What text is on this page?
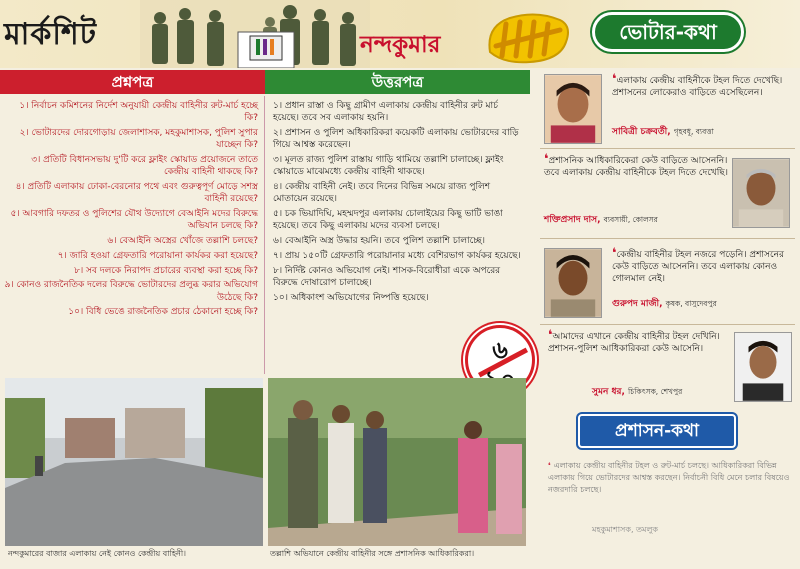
মার্কশিট	নন্দকুমার	ভোটার-কথা
প্রশ্নপত্র	উত্তরপত্র
১। নির্বাচন কমিশনের নির্দেশ অনুযায়ী কেন্দ্রীয় বাহিনীর রুট-মার্চ হচ্ছে কি?
২। ভোটারদের দোরগোড়ায় জেলাশাসক, মহকুমাশাসক, পুলিশ সুপার যাচ্ছেন কি?
৩। প্রতিটি বিধানসভায় দু'টি করে ফ্লাইং স্কোয়াড প্রয়োজনে তাতে কেন্দ্রীয় বাহিনী থাকছে কি?
৪। প্রতিটি এলাকায় ঢোকা-বেরনোর পথে এবং গুরুত্বপূর্ণ মোড়ে সশস্ত্র বাহিনী রয়েছে?
৫। আবগারি দফতর ও পুলিশের যৌথ উদ্যোগে বেআইনি মদের বিরুদ্ধে অভিযান চলছে কি?
৬। বেআইনি অস্ত্রের খোঁজে তল্লাশি চলছে?
৭। জারি হওয়া গ্রেফতারি পরোয়ানা কার্যকর করা হয়েছে?
৮। সব দলকে নিরাপদ প্রচারের ব্যবস্থা করা হচ্ছে কি?
৯। কোনও রাজনৈতিক দলের বিরুদ্ধে ভোটারদের প্রলুব্ধ করার অভিযোগ উঠেছে কি?
১০। বিধি ভেঙে রাজনৈতিক প্রচার ঠেকানো হচ্ছে কি?
১। প্রধান রাস্তা ও কিছু গ্রামীণ এলাকায় কেন্দ্রীয় বাহিনীর রুট মার্চ হয়েছে। তবে সব এলাকায় হয়নি।
২। প্রশাসন ও পুলিশ অধিকারিকরা কয়েকটি এলাকায় ভোটারদের বাড়ি গিয়ে আশ্বস্ত করেছেন।
৩। মূলত রাজ্য পুলিশ রাস্তায় গাড়ি থামিয়ে তল্লাশি চালাচ্ছে। ফ্লাইং স্কোয়াডে মাঝেমধ্যে কেন্দ্রীয় বাহিনী থাকছে।
৪। কেন্দ্রীয় বাহিনী নেই। তবে দিনের বিভিন্ন সময়ে রাজ্য পুলিশ মোতায়েন রয়েছে।
৫। চক ভিয়াদিঘি, মহম্মদপুর এলাকায় চোলাইয়ের কিছু ভাটি ভাঙা হয়েছে। তবে কিছু এলাকায় মদের ব্যবসা চলছে।
৬। বেআইনি অস্ত্র উদ্ধার হয়নি। তবে পুলিশ তল্লাশি চালাচ্ছে।
৭। প্রায় ১৫০টি গ্রেফতারি পরোয়ানার মধ্যে বেশিরভাগ কার্যকর হয়েছে।
৮। নির্দিষ্ট কোনও অভিযোগ নেই। শাসক-বিরোধীরা একে অপরের বিরুদ্ধে দোষারোপ চালাচ্ছে।
১০। অধিকাংশ অভিযোগের নিষ্পত্তি হয়েছে।
৬
নন্দকুমারের বাজার এলাকায় নেই কোনও কেন্দ্রীয় বাহিনী।	তল্লাশি অভিযানে কেন্দ্রীয় বাহিনীর সঙ্গে প্রশাসনিক আধিকারিকরা।
❛এলাকায় কেন্দ্রীয় বাহিনীকে টহল দিতে দেখেছি। প্রশাসনের লোকেরাও বাড়িতে এসেছিলেন।
সাবিত্রী চক্রবর্তী, গৃহবধূ, ব্যবত্তা
❛প্রশাসনিক আধিকারিকেরা কেউ বাড়িতে আসেননি। তবে এলাকায় কেন্দ্রীয় বাহিনীকে টহল দিতে দেখেছি।
শক্তিপ্রসাদ দাস, ব্যবসায়ী, কোলসর
❛কেন্দ্রীয় বাহিনীর টহল নজরে পড়েনি। প্রশাসনের কেউ বাড়িতে আসেননি। তবে এলাকায় কোনও গোলমাল নেই।
গুরুপদ মাজী, কৃষক, বাসুদেবপুর
❛আমাদের এখানে কেন্দ্রীয় বাহিনীর টহল দেখিনি। প্রশাসন-পুলিশ আধিকারিকরা কেউ আসেনি।
সুমন ধর, চিকিৎসক, শেখপুর
প্রশাসন-কথা
❛ এলাকায় কেন্দ্রীয় বাহিনীর টহল ও রুট-মার্চ চলছে। আধিকারিকরা বিভিন্ন এলাকায় গিয়ে ভোটারদের আশ্বস্ত করছেন। নির্বাচনী বিধি মেনে চলার বিষয়েও নজরদারি চলছে।
মহকুমাশাসক, তমলুক
